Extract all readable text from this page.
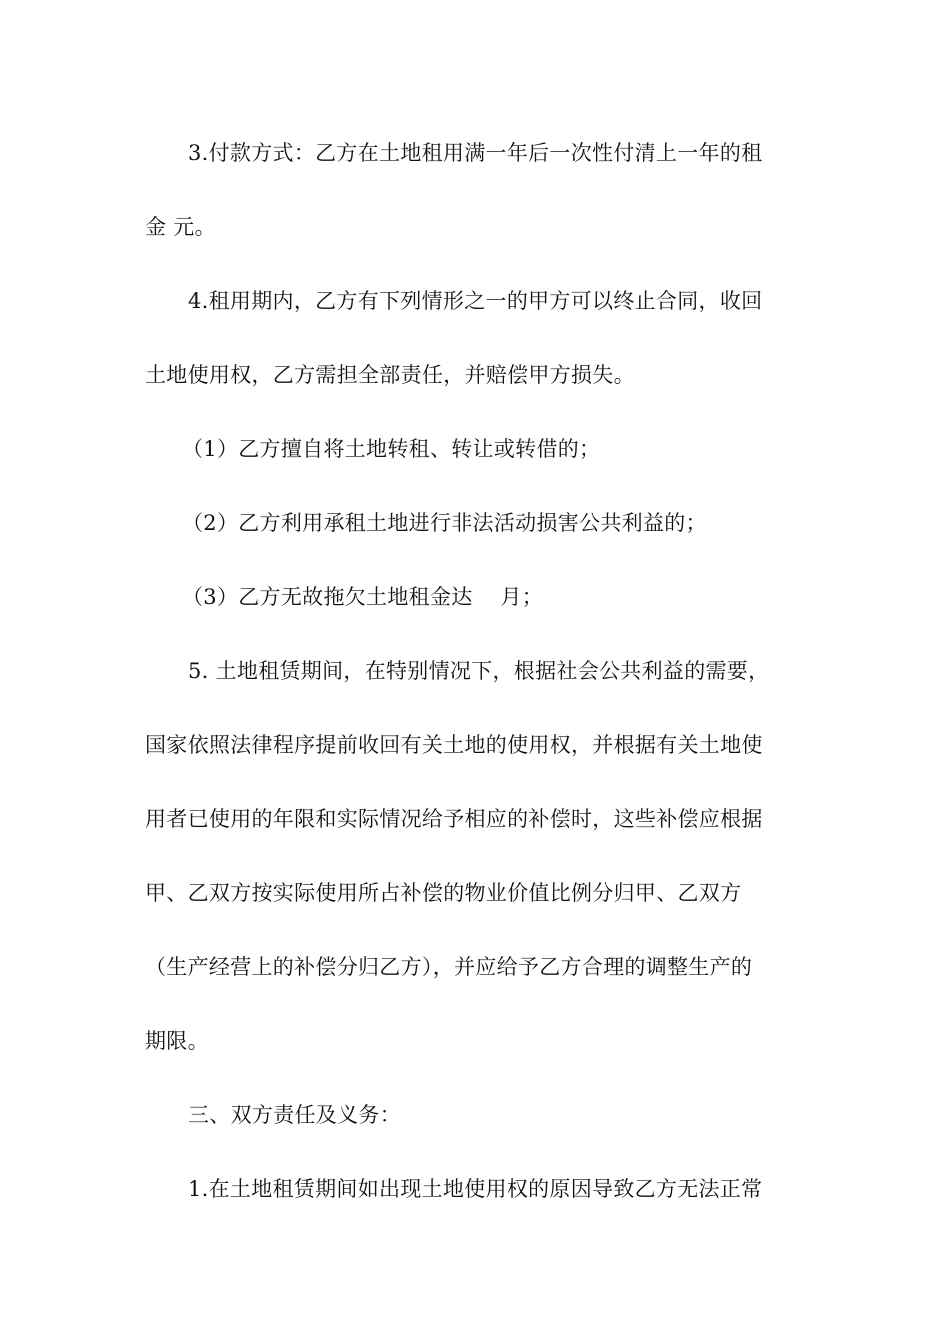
3.付款方式：乙方在土地租用满一年后一次性付清上一年的租
金 元。
4.租用期内，乙方有下列情形之一的甲方可以终止合同，收回
土地使用权，乙方需担全部责任，并赔偿甲方损失。
（1）乙方擅自将土地转租、转让或转借的；
（2）乙方利用承租土地进行非法活动损害公共利益的；
（3）乙方无故拖欠土地租金达    月；
5. 土地租赁期间，在特别情况下，根据社会公共利益的需要，
国家依照法律程序提前收回有关土地的使用权，并根据有关土地使
用者已使用的年限和实际情况给予相应的补偿时，这些补偿应根据
甲、乙双方按实际使用所占补偿的物业价值比例分归甲、乙双方
（生产经营上的补偿分归乙方），并应给予乙方合理的调整生产的
期限。
三、双方责任及义务：
1.在土地租赁期间如出现土地使用权的原因导致乙方无法正常
